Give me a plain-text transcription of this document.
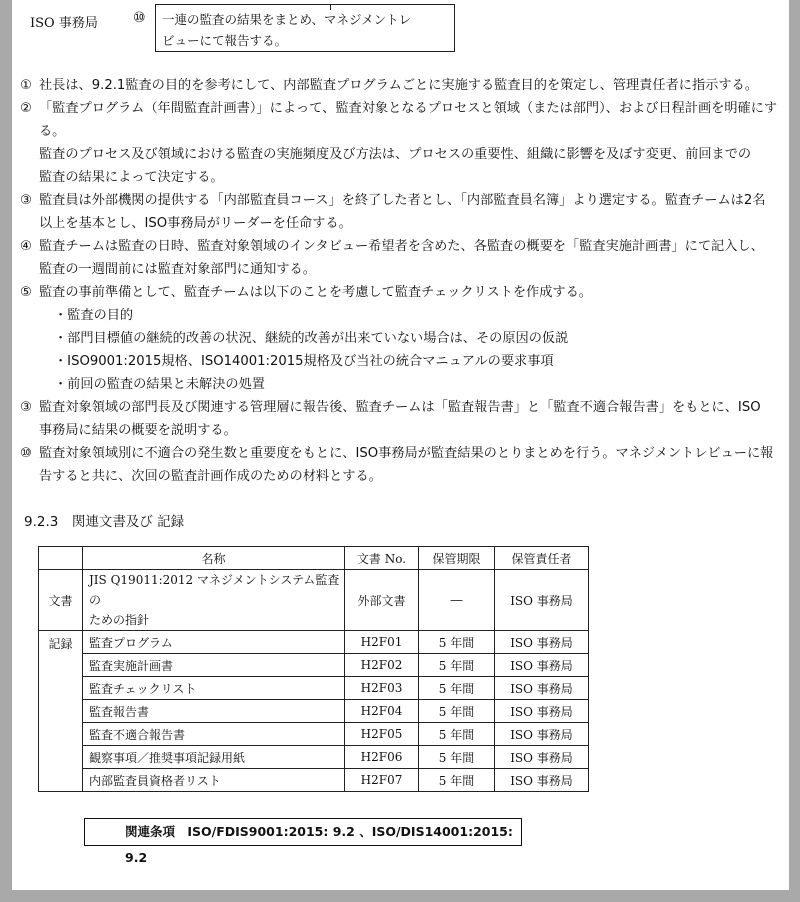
ISO 事務局	⑩ 一連の監査の結果をまとめ、マネジメントレ
ビューにて報告する。
① 社長は、9.2.1監査の目的を参考にして、内部監査プログラムごとに実施する監査目的を策定し、管理責任者に指示する。
② 「監査プログラム（年間監査計画書）」によって、監査対象となるプロセスと領域（または部門）、および日程計画を明確にする。
監査のプロセス及び領域における監査の実施頻度及び方法は、プロセスの重要性、組織に影響を及ぼす変更、前回までの
監査の結果によって決定する。
③ 監査員は外部機関の提供する「内部監査員コース」を終了した者とし、「内部監査員名簿」より選定する。監査チームは2名
以上を基本とし、ISO事務局がリーダーを任命する。
④ 監査チームは監査の日時、監査対象領域のインタビュー希望者を含めた、各監査の概要を「監査実施計画書」にて記入し、
監査の一週間前には監査対象部門に通知する。
⑤ 監査の事前準備として、監査チームは以下のことを考慮して監査チェックリストを作成する。
・監査の目的
・部門目標値の継続的改善の状況、継続的改善が出来ていない場合は、その原因の仮説
・ISO9001:2015規格、ISO14001:2015規格及び当社の統合マニュアルの要求事項
・前回の監査の結果と未解決の処置
③ 監査対象領域の部門長及び関連する管理層に報告後、監査チームは「監査報告書」と「監査不適合報告書」をもとに、ISO
事務局に結果の概要を説明する。
⑩ 監査対象領域別に不適合の発生数と重要度をもとに、ISO事務局が監査結果のとりまとめを行う。マネジメントレビューに報
告すると共に、次回の監査計画作成のための材料とする。
9.2.3　関連文書及び 記録
	名称	文書 No.	保管期限	保管責任者
文書	JIS Q19011:2012 マネジメントシステム監査の
ための指針	外部文書	―	ISO 事務局
記録	監査プログラム	H2F01	5 年間	ISO 事務局
	監査実施計画書	H2F02	5 年間	ISO 事務局
	監査チェックリスト	H2F03	5 年間	ISO 事務局
	監査報告書	H2F04	5 年間	ISO 事務局
	監査不適合報告書	H2F05	5 年間	ISO 事務局
	観察事項／推奨事項記録用紙	H2F06	5 年間	ISO 事務局
	内部監査員資格者リスト	H2F07	5 年間	ISO 事務局
関連条項 ISO/FDIS9001:2015: 9.2 、ISO/DIS14001:2015: 9.2
